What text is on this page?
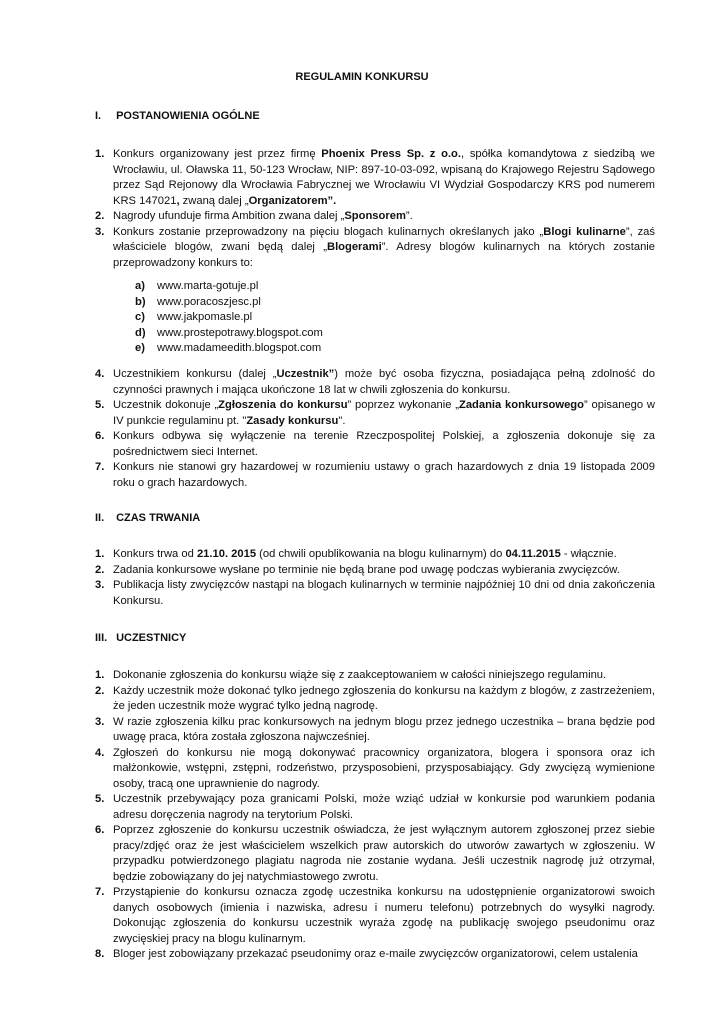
REGULAMIN KONKURSU
I. POSTANOWIENIA OGÓLNE
1. Konkurs organizowany jest przez firmę Phoenix Press Sp. z o.o., spółka komandytowa z siedzibą we Wrocławiu, ul. Oławska 11, 50-123 Wrocław, NIP: 897-10-03-092, wpisaną do Krajowego Rejestru Sądowego przez Sąd Rejonowy dla Wrocławia Fabrycznej we Wrocławiu VI Wydział Gospodarczy KRS pod numerem KRS 147021, zwaną dalej „Organizatorem”.
2. Nagrody ufunduje firma Ambition zwana dalej „Sponsorem”.
3. Konkurs zostanie przeprowadzony na pięciu blogach kulinarnych określanych jako „Blogi kulinarne”, zaś właściciele blogów, zwani będą dalej „Blogerami”. Adresy blogów kulinarnych na których zostanie przeprowadzony konkurs to:
a) www.marta-gotuje.pl
b) www.poracoszjesc.pl
c) www.jakpomasle.pl
d) www.prostepotrawy.blogspot.com
e) www.madameedith.blogspot.com
4. Uczestnikiem konkursu (dalej „Uczestnik”) może być osoba fizyczna, posiadająca pełną zdolność do czynności prawnych i mająca ukończone 18 lat w chwili zgłoszenia do konkursu.
5. Uczestnik dokonuje „Zgłoszenia do konkursu” poprzez wykonanie „Zadania konkursowego” opisanego w IV punkcie regulaminu pt. "Zasady konkursu".
6. Konkurs odbywa się wyłączenie na terenie Rzeczpospolitej Polskiej, a zgłoszenia dokonuje się za pośrednictwem sieci Internet.
7. Konkurs nie stanowi gry hazardowej w rozumieniu ustawy o grach hazardowych z dnia 19 listopada 2009 roku o grach hazardowych.
II. CZAS TRWANIA
1. Konkurs trwa od 21.10. 2015 (od chwili opublikowania na blogu kulinarnym) do 04.11.2015 - włącznie.
2. Zadania konkursowe wysłane po terminie nie będą brane pod uwagę podczas wybierania zwycięzców.
3. Publikacja listy zwycięzców nastąpi na blogach kulinarnych w terminie najpóźniej 10 dni od dnia zakończenia Konkursu.
III. UCZESTNICY
1. Dokonanie zgłoszenia do konkursu wiąże się z zaakceptowaniem w całości niniejszego regulaminu.
2. Każdy uczestnik może dokonać tylko jednego zgłoszenia do konkursu na każdym z blogów, z zastrzeżeniem, że jeden uczestnik może wygrać tylko jedną nagrodę.
3. W razie zgłoszenia kilku prac konkursowych na jednym blogu przez jednego uczestnika – brana będzie pod uwagę praca, która została zgłoszona najwcześniej.
4. Zgłoszeń do konkursu nie mogą dokonywać pracownicy organizatora, blogera i sponsora oraz ich małżonkowie, wstępni, zstępni, rodzeństwo, przysposobieni, przysposabiający. Gdy zwycięzą wymienione osoby, tracą one uprawnienie do nagrody.
5. Uczestnik przebywający poza granicami Polski, może wziąć udział w konkursie pod warunkiem podania adresu doręczenia nagrody na terytorium Polski.
6. Poprzez zgłoszenie do konkursu uczestnik oświadcza, że jest wyłącznym autorem zgłoszonej przez siebie pracy/zdjęć oraz że jest właścicielem wszelkich praw autorskich do utworów zawartych w zgłoszeniu. W przypadku potwierdzonego plagiatu nagroda nie zostanie wydana. Jeśli uczestnik nagrodę już otrzymał, będzie zobowiązany do jej natychmiastowego zwrotu.
7. Przystąpienie do konkursu oznacza zgodę uczestnika konkursu na udostępnienie organizatorowi swoich danych osobowych (imienia i nazwiska, adresu i numeru telefonu) potrzebnych do wysyłki nagrody. Dokonując zgłoszenia do konkursu uczestnik wyraża zgodę na publikację swojego pseudonimu oraz zwycięskiej pracy na blogu kulinarnym.
8. Bloger jest zobowiązany przekazać pseudonimy oraz e-maile zwycięzców organizatorowi, celem ustalenia
